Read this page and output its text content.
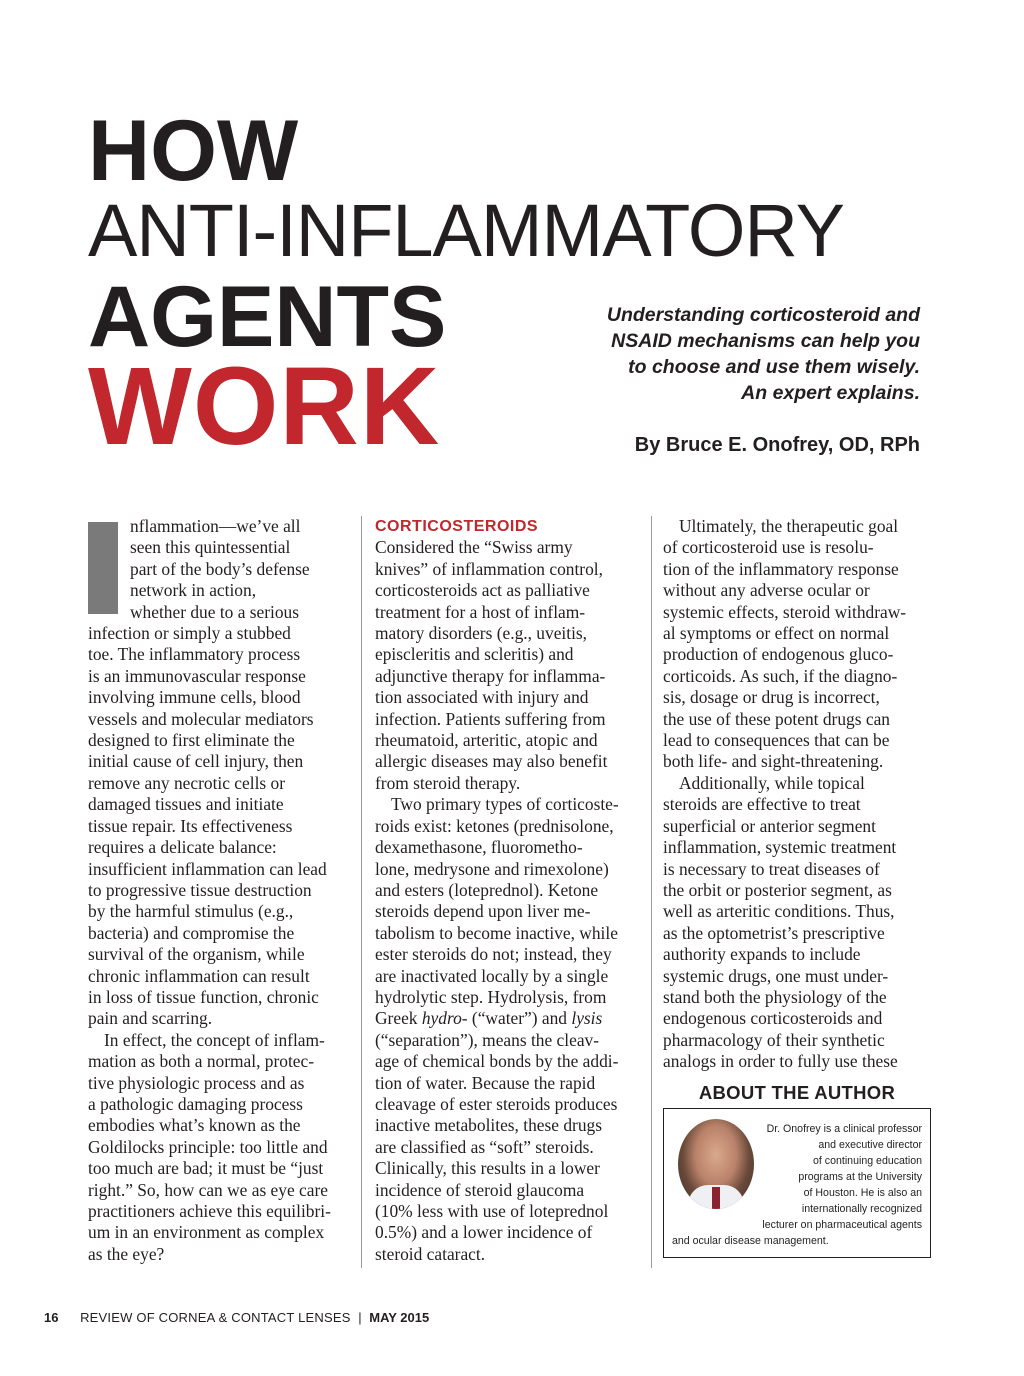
HOW
ANTI-INFLAMMATORY
AGENTS
WORK
Understanding corticosteroid and
NSAID mechanisms can help you
to choose and use them wisely.
An expert explains.

By Bruce E. Onofrey, OD, RPh

nflammation—we’ve all
seen this quintessential
part of the body’s defense
network in action,
whether due to a serious
infection or simply a stubbed
toe. The inflammatory process
is an immunovascular response
involving immune cells, blood
vessels and molecular mediators
designed to first eliminate the
initial cause of cell injury, then
remove any necrotic cells or
damaged tissues and initiate
tissue repair. Its effectiveness
requires a delicate balance:
insufficient inflammation can lead
to progressive tissue destruction
by the harmful stimulus (e.g.,
bacteria) and compromise the
survival of the organism, while
chronic inflammation can result
in loss of tissue function, chronic
pain and scarring.

In effect, the concept of inflam-
mation as both a normal, protec-
tive physiologic process and as
a pathologic damaging process
embodies what’s known as the
Goldilocks principle: too little and
too much are bad; it must be “just
right.” So, how can we as eye care
practitioners achieve this equilibri-
um in an environment as complex
as the eye?

CORTICOSTEROIDS

Considered the “Swiss army
knives” of inflammation control,
corticosteroids act as palliative
treatment for a host of inflam-
matory disorders (e.g., uveitis,
episcleritis and scleritis) and
adjunctive therapy for inflamma-
tion associated with injury and
infection. Patients suffering from
rheumatoid, arteritic, atopic and
allergic diseases may also benefit
from steroid therapy.

Two primary types of corticoste-
roids exist: ketones (prednisolone,
dexamethasone, fluorometho-
lone, medrysone and rimexolone)
and esters (loteprednol). Ketone
steroids depend upon liver me-
tabolism to become inactive, while
ester steroids do not; instead, they
are inactivated locally by a single
hydrolytic step. Hydrolysis, from
Greek hydro- (“water”) and lysis
(“separation”), means the cleav-
age of chemical bonds by the addi-
tion of water. Because the rapid
cleavage of ester steroids produces
inactive metabolites, these drugs
are classified as “soft” steroids.
Clinically, this results in a lower
incidence of steroid glaucoma
(10% less with use of loteprednol
0.5%) and a lower incidence of
steroid cataract.

Ultimately, the therapeutic goal
of corticosteroid use is resolu-
tion of the inflammatory response
without any adverse ocular or
systemic effects, steroid withdraw-
al symptoms or effect on normal
production of endogenous gluco-
corticoids. As such, if the diagno-
sis, dosage or drug is incorrect,
the use of these potent drugs can
lead to consequences that can be
both life- and sight-threatening.

Additionally, while topical
steroids are effective to treat
superficial or anterior segment
inflammation, systemic treatment
is necessary to treat diseases of
the orbit or posterior segment, as
well as arteritic conditions. Thus,
as the optometrist’s prescriptive
authority expands to include
systemic drugs, one must under-
stand both the physiology of the
endogenous corticosteroids and
pharmacology of their synthetic
analogs in order to fully use these

ABOUT THE AUTHOR
Dr. Onofrey is a clinical professor
and executive director
of continuing education
programs at the University
of Houston. He is also an
internationally recognized
lecturer on pharmaceutical agents
and ocular disease management.

16 REVIEW OF CORNEA & CONTACT LENSES | MAY 2015
